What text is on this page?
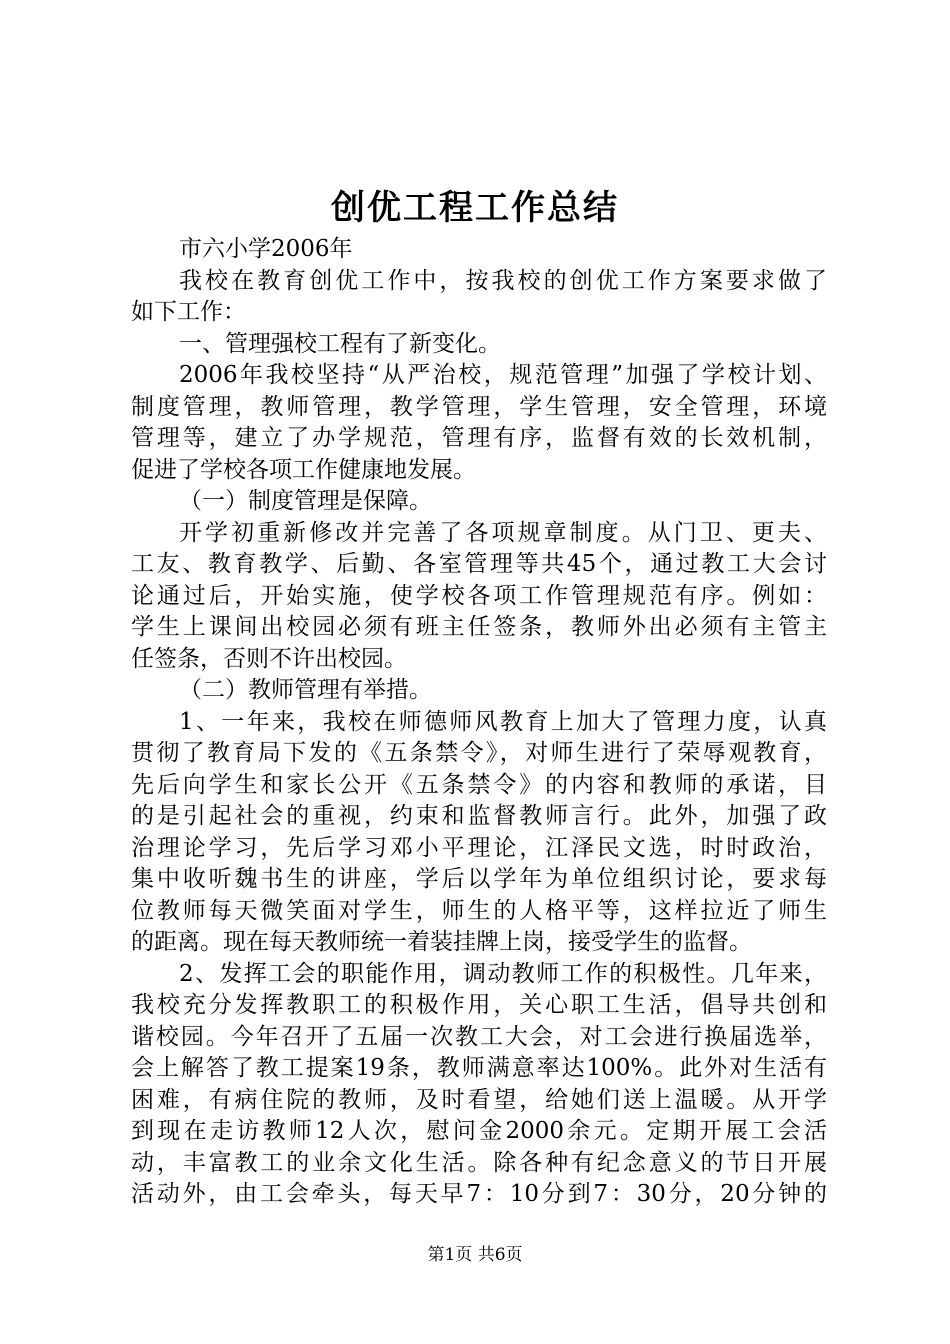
创优工程工作总结

市六小学2006年

我校在教育创优工作中，按我校的创优工作方案要求做了
如下工作：

一、管理强校工程有了新变化。

2006年我校坚持“从严治校，规范管理”加强了学校计划、
制度管理，教师管理，教学管理，学生管理，安全管理，环境
管理等，建立了办学规范，管理有序，监督有效的长效机制，
促进了学校各项工作健康地发展。

（一）制度管理是保障。

开学初重新修改并完善了各项规章制度。从门卫、更夫、
工友、教育教学、后勤、各室管理等共45个，通过教工大会讨
论通过后，开始实施，使学校各项工作管理规范有序。例如：
学生上课间出校园必须有班主任签条，教师外出必须有主管主
任签条，否则不许出校园。

（二）教师管理有举措。

1、一年来，我校在师德师风教育上加大了管理力度，认真
贯彻了教育局下发的《五条禁令》，对师生进行了荣辱观教育，
先后向学生和家长公开《五条禁令》的内容和教师的承诺，目
的是引起社会的重视，约束和监督教师言行。此外，加强了政
治理论学习，先后学习邓小平理论，江泽民文选，时时政治，
集中收听魏书生的讲座，学后以学年为单位组织讨论，要求每
位教师每天微笑面对学生，师生的人格平等，这样拉近了师生
的距离。现在每天教师统一着装挂牌上岗，接受学生的监督。

2、发挥工会的职能作用，调动教师工作的积极性。几年来，
我校充分发挥教职工的积极作用，关心职工生活，倡导共创和
谐校园。今年召开了五届一次教工大会，对工会进行换届选举，
会上解答了教工提案19条，教师满意率达100%。此外对生活有
困难，有病住院的教师，及时看望，给她们送上温暖。从开学
到现在走访教师12人次，慰问金2000余元。定期开展工会活
动，丰富教工的业余文化生活。除各种有纪念意义的节日开展
活动外，由工会牵头，每天早7：10分到7：30分，20分钟的

第1页 共6页
